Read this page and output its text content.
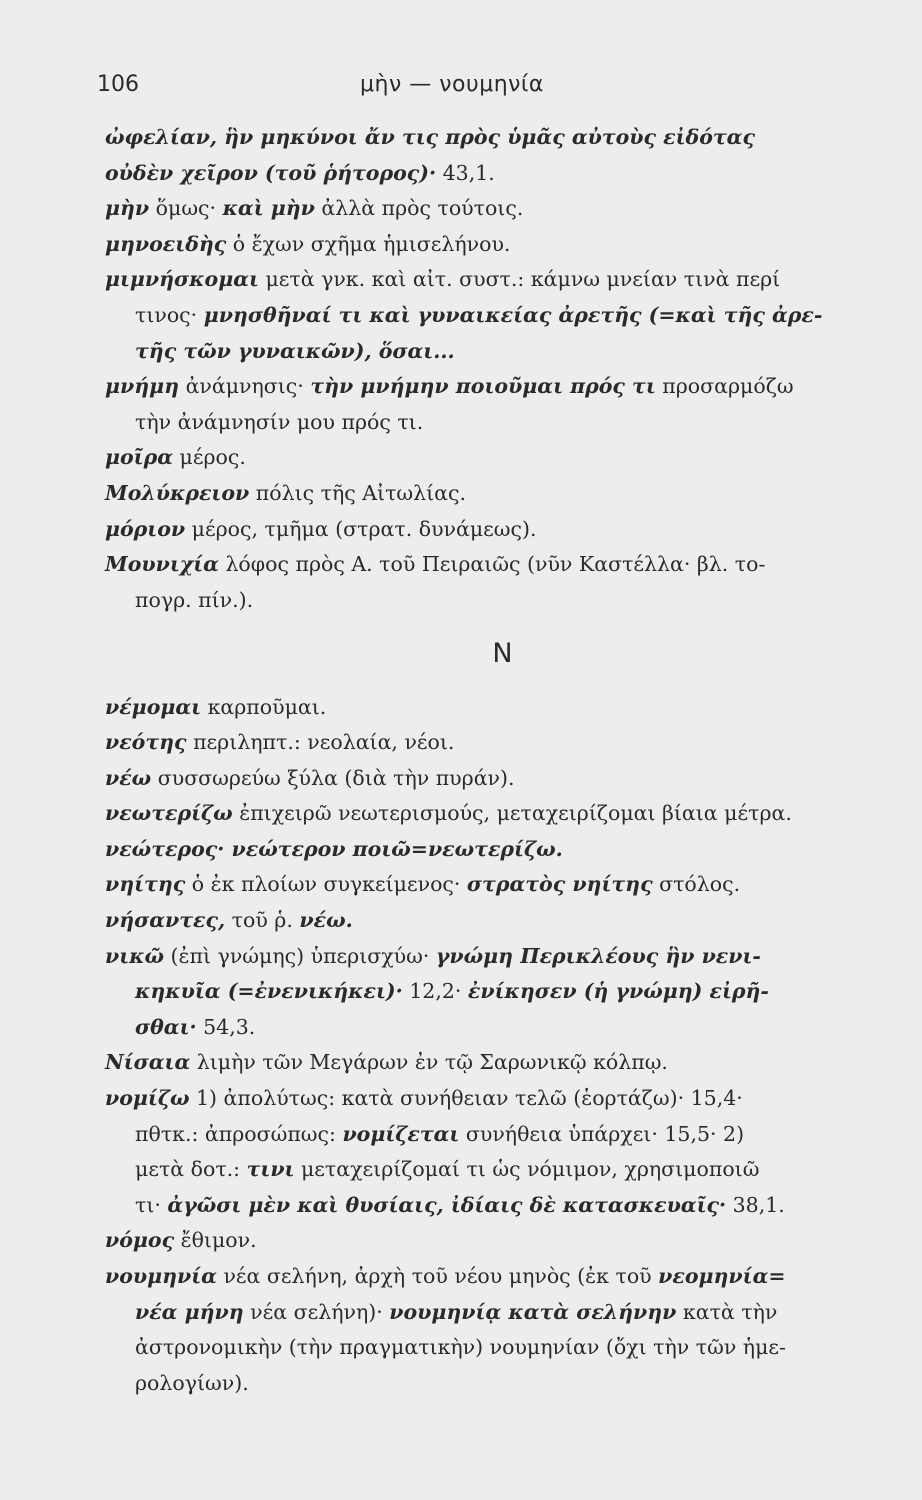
106	μὴν — νουμηνία
ὠφελίαν, ἣν μηκύνοι ἄν τις πρὸς ὑμᾶς αὐτοὺς εἰδότας
οὐδὲν χεῖρον (τοῦ ῥήτορος)· 43,1.
μὴν ὅμως· καὶ μὴν ἀλλὰ πρὸς τούτοις.
μηνοειδὴς ὁ ἔχων σχῆμα ἡμισελήνου.
μιμνήσκομαι μετὰ γνκ. καὶ αἰτ. συστ.: κάμνω μνείαν τινὰ περί
τινος· μνησθῆναί τι καὶ γυναικείας ἀρετῆς (=καὶ τῆς ἀρε-
τῆς τῶν γυναικῶν), ὅσαι...
μνήμη ἀνάμνησις· τὴν μνήμην ποιοῦμαι πρός τι προσαρμόζω
τὴν ἀνάμνησίν μου πρός τι.
μοῖρα μέρος.
Μολύκρειον πόλις τῆς Αἰτωλίας.
μόριον μέρος, τμῆμα (στρατ. δυνάμεως).
Μουνιχία λόφος πρὸς Α. τοῦ Πειραιῶς (νῦν Καστέλλα· βλ. το-
πογρ. πίν.).
Ν
νέμομαι καρποῦμαι.
νεότης περιληπτ.: νεολαία, νέοι.
νέω συσσωρεύω ξύλα (διὰ τὴν πυράν).
νεωτερίζω ἐπιχειρῶ νεωτερισμούς, μεταχειρίζομαι βίαια μέτρα.
νεώτερος· νεώτερον ποιῶ=νεωτερίζω.
νηίτης ὁ ἐκ πλοίων συγκείμενος· στρατὸς νηίτης στόλος.
νήσαντες, τοῦ ῥ. νέω.
νικῶ (ἐπὶ γνώμης) ὑπερισχύω· γνώμη Περικλέους ἣν νενι-
κηκυῖα (=ἐνενικήκει)· 12,2· ἐνίκησεν (ἡ γνώμη) εἰρῆ-
σθαι· 54,3.
Νίσαια λιμὴν τῶν Μεγάρων ἐν τῷ Σαρωνικῷ κόλπῳ.
νομίζω 1) ἀπολύτως: κατὰ συνήθειαν τελῶ (ἑορτάζω)· 15,4·
πθτκ.: ἀπροσώπως: νομίζεται συνήθεια ὑπάρχει· 15,5· 2)
μετὰ δοτ.: τινι μεταχειρίζομαί τι ὡς νόμιμον, χρησιμοποιῶ
τι· ἀγῶσι μὲν καὶ θυσίαις, ἰδίαις δὲ κατασκευαῖς· 38,1.
νόμος ἔθιμον.
νουμηνία νέα σελήνη, ἀρχὴ τοῦ νέου μηνὸς (ἐκ τοῦ νεομηνία=
νέα μήνη νέα σελήνη)· νουμηνίᾳ κατὰ σελήνην κατὰ τὴν
ἀστρονομικὴν (τὴν πραγματικὴν) νουμηνίαν (ὄχι τὴν τῶν ἡμε-
ρολογίων).
